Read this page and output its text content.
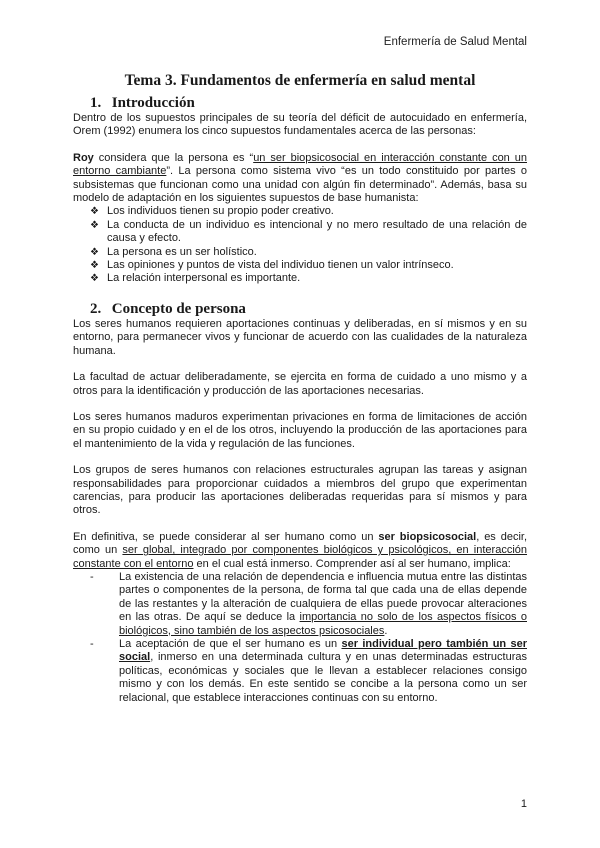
Enfermería de Salud Mental
Tema 3. Fundamentos de enfermería en salud mental
1. Introducción

Dentro de los supuestos principales de su teoría del déficit de autocuidado en enfermería, Orem (1992) enumera los cinco supuestos fundamentales acerca de las personas:

Roy considera que la persona es “un ser biopsicosocial en interacción constante con un entorno cambiante”. La persona como sistema vivo “es un todo constituido por partes o subsistemas que funcionan como una unidad con algún fin determinado”. Además, basa su modelo de adaptación en los siguientes supuestos de base humanista:

❖ Los individuos tienen su propio poder creativo.
❖ La conducta de un individuo es intencional y no mero resultado de una relación de causa y efecto.
❖ La persona es un ser holístico.
❖ Las opiniones y puntos de vista del individuo tienen un valor intrínseco.
❖ La relación interpersonal es importante.
2. Concepto de persona

Los seres humanos requieren aportaciones continuas y deliberadas, en sí mismos y en su entorno, para permanecer vivos y funcionar de acuerdo con las cualidades de la naturaleza humana.

La facultad de actuar deliberadamente, se ejercita en forma de cuidado a uno mismo y a otros para la identificación y producción de las aportaciones necesarias.

Los seres humanos maduros experimentan privaciones en forma de limitaciones de acción en su propio cuidado y en el de los otros, incluyendo la producción de las aportaciones para el mantenimiento de la vida y regulación de las funciones.

Los grupos de seres humanos con relaciones estructurales agrupan las tareas y asignan responsabilidades para proporcionar cuidados a miembros del grupo que experimentan carencias, para producir las aportaciones deliberadas requeridas para sí mismos y para otros.

En definitiva, se puede considerar al ser humano como un ser biopsicosocial, es decir, como un ser global, integrado por componentes biológicos y psicológicos, en interacción constante con el entorno en el cual está inmerso. Comprender así al ser humano, implica:

- La existencia de una relación de dependencia e influencia mutua entre las distintas partes o componentes de la persona, de forma tal que cada una de ellas depende de las restantes y la alteración de cualquiera de ellas puede provocar alteraciones en las otras. De aquí se deduce la importancia no solo de los aspectos físicos o biológicos, sino también de los aspectos psicosociales.
- La aceptación de que el ser humano es un ser individual pero también un ser social, inmerso en una determinada cultura y en unas determinadas estructuras políticas, económicas y sociales que le llevan a establecer relaciones consigo mismo y con los demás. En este sentido se concibe a la persona como un ser relacional, que establece interacciones continuas con su entorno.
1
